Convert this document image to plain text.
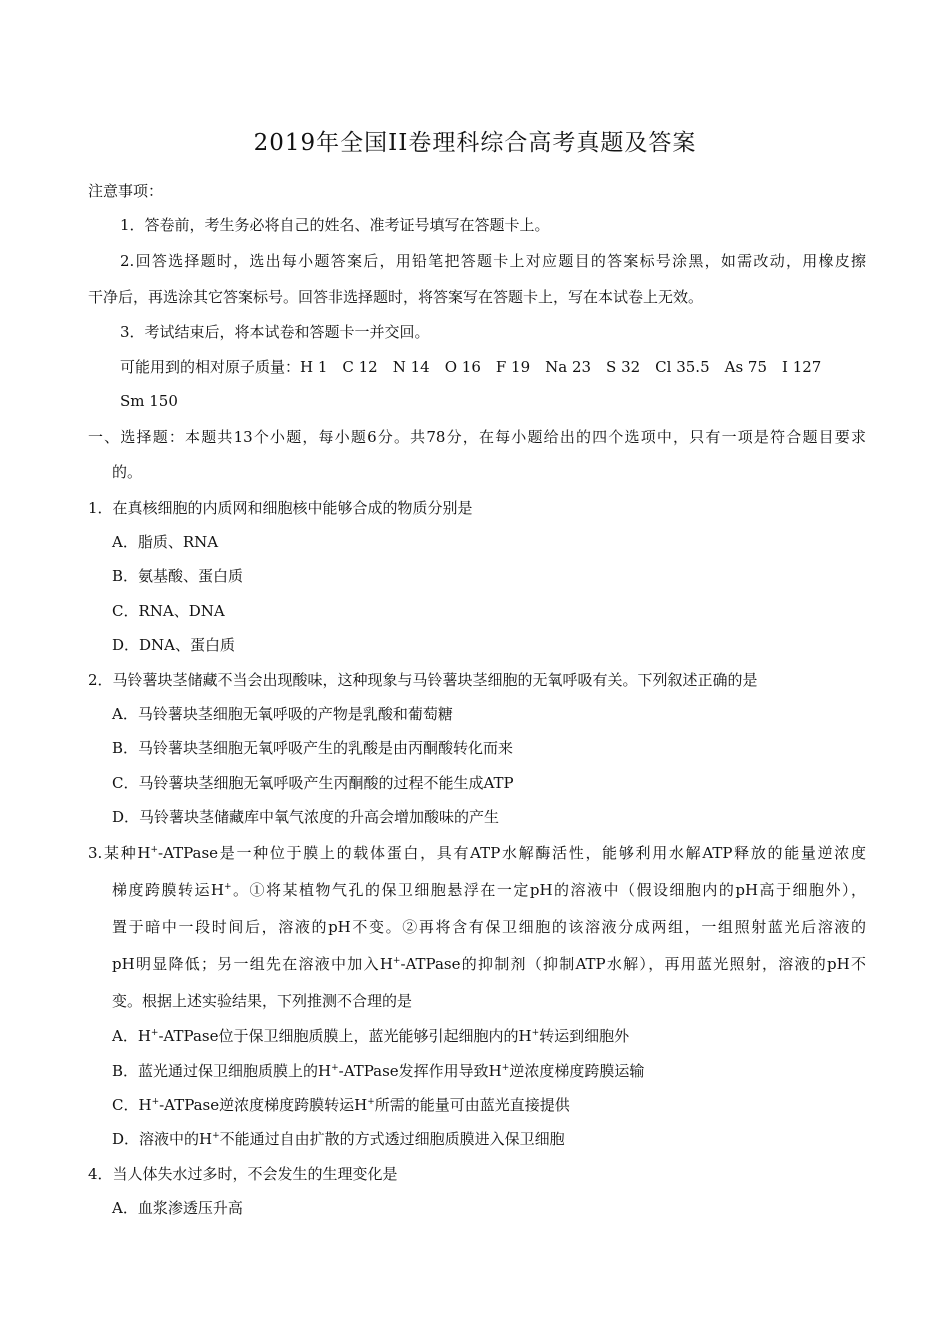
2019年全国II卷理科综合高考真题及答案
注意事项：
1．答卷前，考生务必将自己的姓名、准考证号填写在答题卡上。
2.回答选择题时，选出每小题答案后，用铅笔把答题卡上对应题目的答案标号涂黑，如需改动，用橡皮擦
干净后，再选涂其它答案标号。回答非选择题时，将答案写在答题卡上，写在本试卷上无效。
3．考试结束后，将本试卷和答题卡一并交回。
可能用到的相对原子质量：H 1　C 12　N 14　O 16　F 19　Na 23　S 32　Cl 35.5　As 75　I 127
Sm 150
一、选择题：本题共13个小题，每小题6分。共78分，在每小题给出的四个选项中，只有一项是符合题目要求
的。
1．在真核细胞的内质网和细胞核中能够合成的物质分别是
A．脂质、RNA
B．氨基酸、蛋白质
C．RNA、DNA
D．DNA、蛋白质
2．马铃薯块茎储藏不当会出现酸味，这种现象与马铃薯块茎细胞的无氧呼吸有关。下列叙述正确的是
A．马铃薯块茎细胞无氧呼吸的产物是乳酸和葡萄糖
B．马铃薯块茎细胞无氧呼吸产生的乳酸是由丙酮酸转化而来
C．马铃薯块茎细胞无氧呼吸产生丙酮酸的过程不能生成ATP
D．马铃薯块茎储藏库中氧气浓度的升高会增加酸味的产生
3.某种H+-ATPase是一种位于膜上的载体蛋白，具有ATP水解酶活性，能够利用水解ATP释放的能量逆浓度
梯度跨膜转运H+。①将某植物气孔的保卫细胞悬浮在一定pH的溶液中（假设细胞内的pH高于细胞外），
置于暗中一段时间后，溶液的pH不变。②再将含有保卫细胞的该溶液分成两组，一组照射蓝光后溶液的
pH明显降低；另一组先在溶液中加入H+-ATPase的抑制剂（抑制ATP水解），再用蓝光照射，溶液的pH不
变。根据上述实验结果，下列推测不合理的是
A．H+-ATPase位于保卫细胞质膜上，蓝光能够引起细胞内的H+转运到细胞外
B．蓝光通过保卫细胞质膜上的H+-ATPase发挥作用导致H+逆浓度梯度跨膜运输
C．H+-ATPase逆浓度梯度跨膜转运H+所需的能量可由蓝光直接提供
D．溶液中的H+不能通过自由扩散的方式透过细胞质膜进入保卫细胞
4．当人体失水过多时，不会发生的生理变化是
A．血浆渗透压升高
